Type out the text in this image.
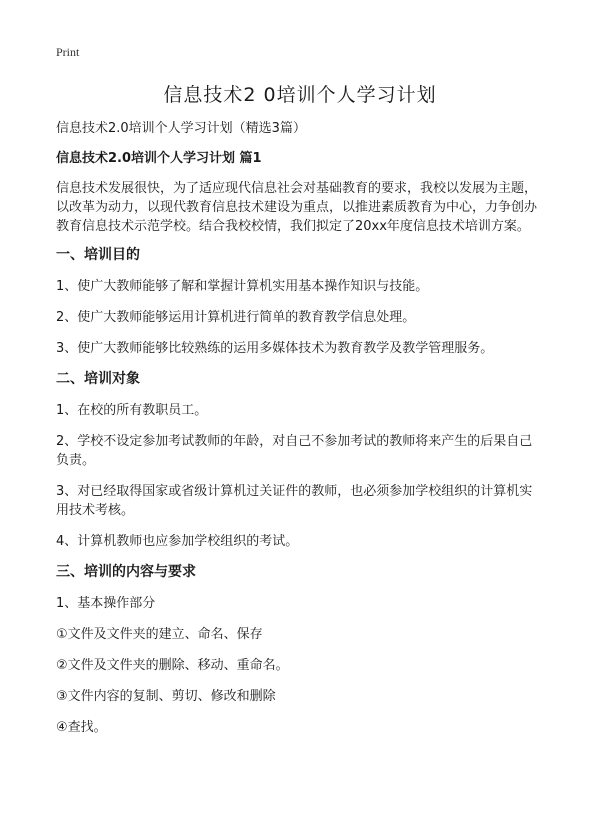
Print
信息技术2 0培训个人学习计划

信息技术2.0培训个人学习计划（精选3篇）

信息技术2.0培训个人学习计划 篇1

信息技术发展很快，为了适应现代信息社会对基础教育的要求，我校以发展为主题，以改革为动力，以现代教育信息技术建设为重点，以推进素质教育为中心，力争创办教育信息技术示范学校。结合我校校情，我们拟定了20xx年度信息技术培训方案。

一、培训目的

1、使广大教师能够了解和掌握计算机实用基本操作知识与技能。

2、使广大教师能够运用计算机进行简单的教育教学信息处理。

3、使广大教师能够比较熟练的运用多媒体技术为教育教学及教学管理服务。

二、培训对象

1、在校的所有教职员工。

2、学校不设定参加考试教师的年龄，对自己不参加考试的教师将来产生的后果自己负责。

3、对已经取得国家或省级计算机过关证件的教师，也必须参加学校组织的计算机实用技术考核。

4、计算机教师也应参加学校组织的考试。

三、培训的内容与要求

1、基本操作部分

①文件及文件夹的建立、命名、保存

②文件及文件夹的删除、移动、重命名。

③文件内容的复制、剪切、修改和删除

④查找。
